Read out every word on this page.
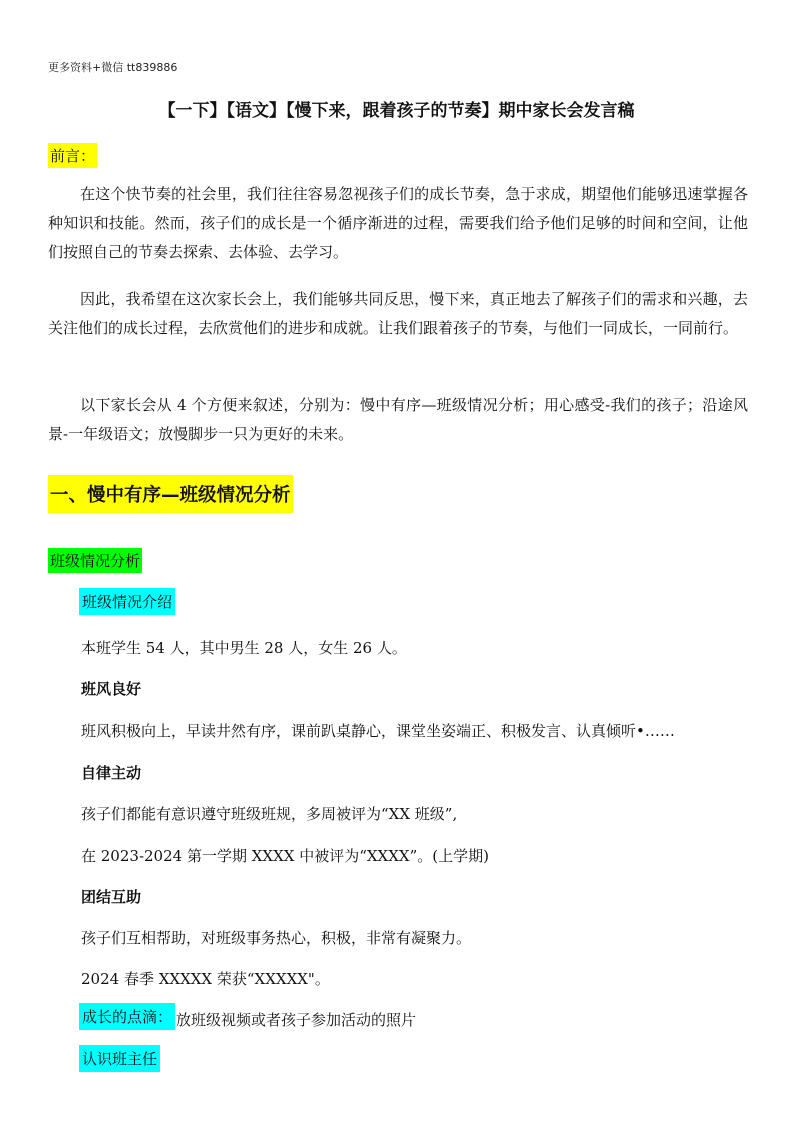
更多资料+微信 tt839886
【一下】【语文】【慢下来，跟着孩子的节奏】期中家长会发言稿
前言：

在这个快节奏的社会里，我们往往容易忽视孩子们的成长节奏，急于求成，期望他们能够迅速掌握各种知识和技能。然而，孩子们的成长是一个循序渐进的过程，需要我们给予他们足够的时间和空间，让他们按照自己的节奏去探索、去体验、去学习。

因此，我希望在这次家长会上，我们能够共同反思，慢下来，真正地去了解孩子们的需求和兴趣，去关注他们的成长过程，去欣赏他们的进步和成就。让我们跟着孩子的节奏，与他们一同成长，一同前行。

以下家长会从 4 个方便来叙述，分别为：慢中有序—班级情况分析；用心感受-我们的孩子；沿途风景-一年级语文；放慢脚步一只为更好的未来。

一、慢中有序—班级情况分析
班级情况分析
班级情况介绍
本班学生 54 人，其中男生 28 人，女生 26 人。
班风良好
班风积极向上，早读井然有序，课前趴桌静心，课堂坐姿端正、积极发言、认真倾听•……
自律主动
孩子们都能有意识遵守班级班规，多周被评为“XX 班级”,
在 2023-2024 第一学期 XXXX 中被评为“XXXX”。(上学期)
团结互助
孩子们互相帮助，对班级事务热心，积极，非常有凝聚力。
2024 春季 XXXXX 荣获“XXXXX"。
成长的点滴： 放班级视频或者孩子参加活动的照片
认识班主任
